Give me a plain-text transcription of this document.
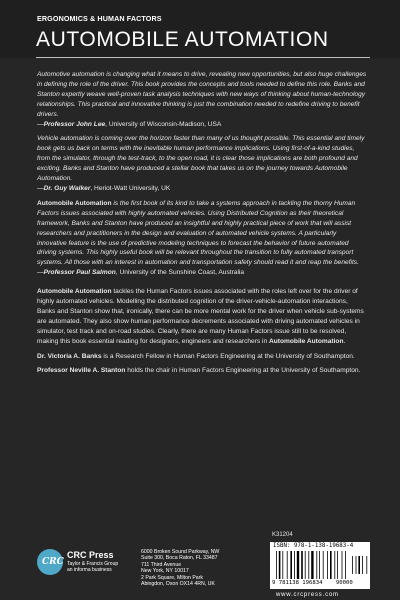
ERGONOMICS & HUMAN FACTORS
AUTOMOBILE AUTOMATION

Automotive automation is changing what it means to drive, revealing new opportunities, but also huge challenges in defining the role of the driver. This book provides the concepts and tools needed to define this role. Banks and Stanton expertly weave well-proven task analysis techniques with new ways of thinking about human-technology relationships. This practical and innovative thinking is just the combination needed to redefine driving to benefit drivers.
—Professor John Lee, University of Wisconsin-Madison, USA

Vehicle automation is coming over the horizon faster than many of us thought possible. This essential and timely book gets us back on terms with the inevitable human performance implications. Using first-of-a-kind studies, from the simulator, through the test-track, to the open road, it is clear those implications are both profound and exciting. Banks and Stanton have produced a stellar book that takes us on the journey towards Automobile Automation.
—Dr. Guy Walker, Heriot-Watt University, UK

Automobile Automation is the first book of its kind to take a systems approach in tackling the thorny Human Factors issues associated with highly automated vehicles. Using Distributed Cognition as their theoretical framework, Banks and Stanton have produced an insightful and highly practical piece of work that will assist researchers and practitioners in the design and evaluation of automated vehicle systems. A particularly innovative feature is the use of predictive modeling techniques to forecast the behavior of future automated driving systems. This highly useful book will be relevant throughout the transition to fully automated transport systems. All those with an interest in automation and transportation safety should read it and reap the benefits.
—Professor Paul Salmon, University of the Sunshine Coast, Australia

Automobile Automation tackles the Human Factors issues associated with the roles left over for the driver of highly automated vehicles. Modelling the distributed cognition of the driver-vehicle-automation interactions, Banks and Stanton show that, ironically, there can be more mental work for the driver when vehicle sub-systems are automated. They also show human performance decrements associated with driving automated vehicles in simulator, test track and on-road studies. Clearly, there are many Human Factors issue still to be resolved, making this book essential reading for designers, engineers and researchers in Automobile Automation.

Dr. Victoria A. Banks is a Research Fellow in Human Factors Engineering at the University of Southampton.

Professor Neville A. Stanton holds the chair in Human Factors Engineering at the University of Southampton.

CRC
CRC Press
Taylor & Francis Group
an informa business
6000 Broken Sound Parkway, NW
Suite 300, Boca Raton, FL 33487
711 Third Avenue
New York, NY 10017
2 Park Square, Milton Park
Abingdon, Oxon OX14 4RN, UK
K31204
ISBN: 978-1-138-19683-4
9 781138 196834 90000
www.crcpress.com
